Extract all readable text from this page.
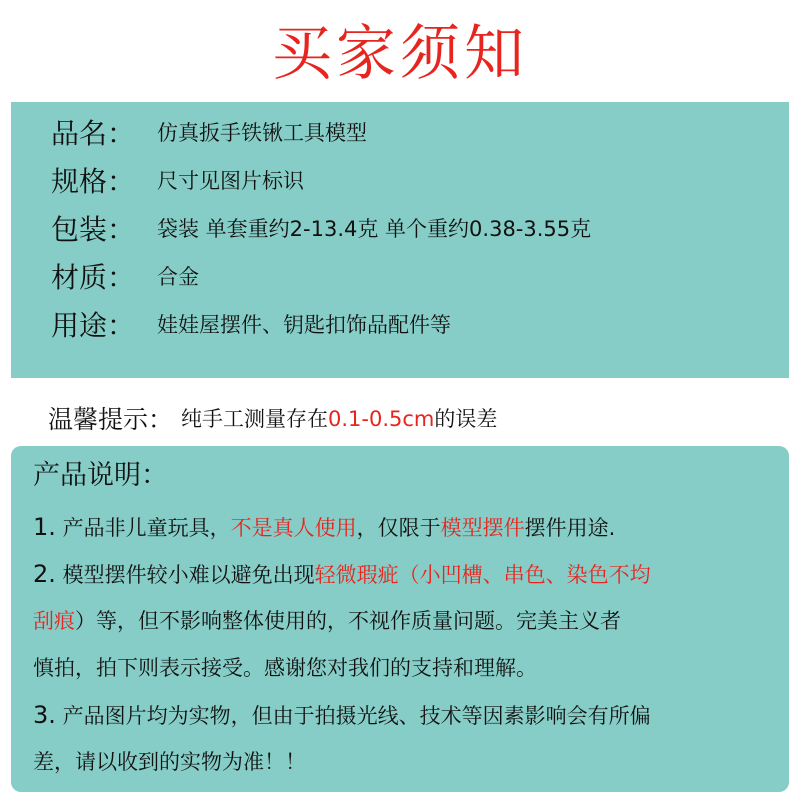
买家须知
品名：	仿真扳手铁锹工具模型
规格：	尺寸见图片标识
包装：	袋装 单套重约2-13.4克 单个重约0.38-3.55克
材质：	合金
用途：	娃娃屋摆件、钥匙扣饰品配件等
温馨提示： 纯手工测量存在0.1-0.5cm的误差
产品说明：
1. 产品非儿童玩具，不是真人使用，仅限于模型摆件摆件用途.
2. 模型摆件较小难以避免出现轻微瑕疵（小凹槽、串色、染色不均
刮痕）等，但不影响整体使用的，不视作质量问题。完美主义者
慎拍，拍下则表示接受。感谢您对我们的支持和理解。
3. 产品图片均为实物，但由于拍摄光线、技术等因素影响会有所偏
差，请以收到的实物为准！！
